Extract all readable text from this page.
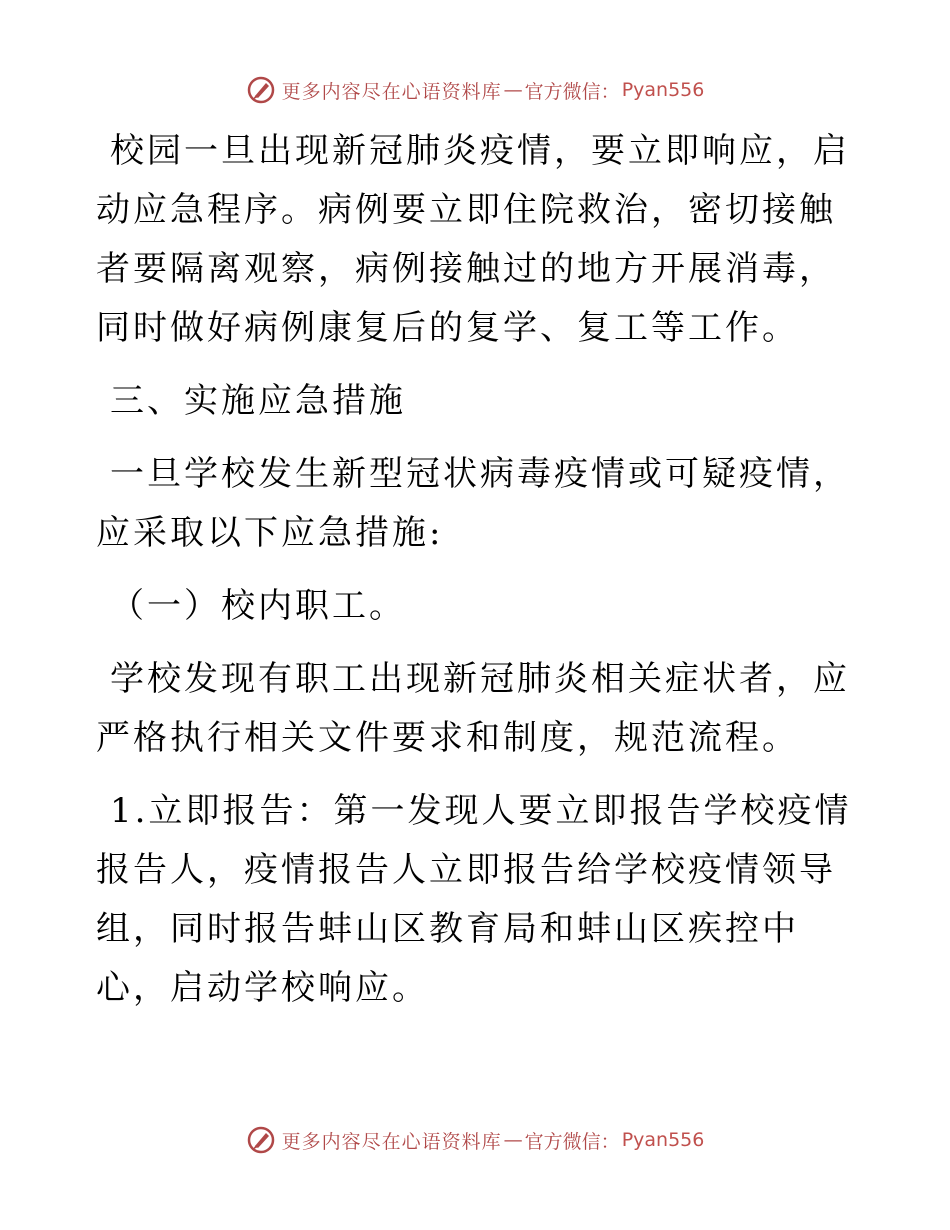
更多内容尽在心语资料库 — 官方微信： Pyan556

校园一旦出现新冠肺炎疫情，要立即响应，启动应急程序。病例要立即住院救治，密切接触者要隔离观察，病例接触过的地方开展消毒，同时做好病例康复后的复学、复工等工作。

三、实施应急措施

一旦学校发生新型冠状病毒疫情或可疑疫情，应采取以下应急措施:

（一）校内职工。

学校发现有职工出现新冠肺炎相关症状者，应严格执行相关文件要求和制度，规范流程。

1.立即报告：第一发现人要立即报告学校疫情报告人，疫情报告人立即报告给学校疫情领导组，同时报告蚌山区教育局和蚌山区疾控中心，启动学校响应。

更多内容尽在心语资料库 — 官方微信： Pyan556
